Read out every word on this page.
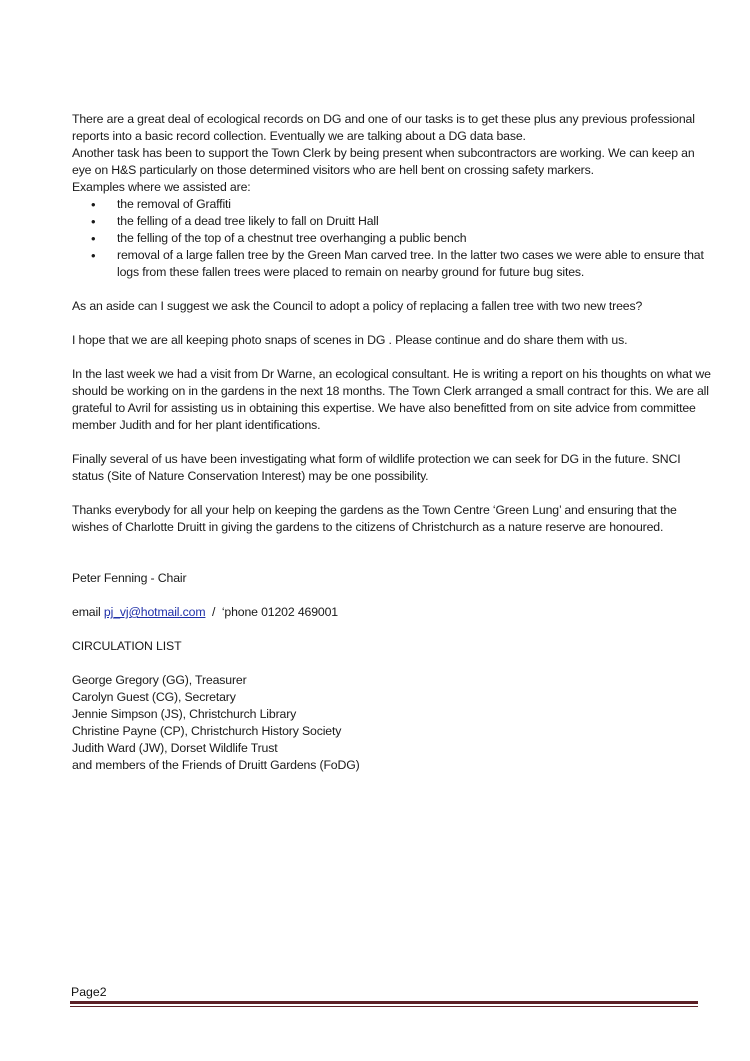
There are a great deal of ecological records on DG and one of our tasks is to get these plus any previous professional reports into a basic record collection. Eventually we are talking about a DG data base.

Another task has been to support the Town Clerk by being present when subcontractors are working. We can keep an eye on H&S particularly on those determined visitors who are hell bent on crossing safety markers.

Examples where we assisted are:

• the removal of Graffiti
• the felling of a dead tree likely to fall on Druitt Hall
• the felling of the top of a chestnut tree overhanging a public bench
• removal of a large fallen tree by the Green Man carved tree. In the latter two cases we were able to ensure that logs from these fallen trees were placed to remain on nearby ground for future bug sites.

As an aside can I suggest we ask the Council to adopt a policy of replacing a fallen tree with two new trees?

I hope that we are all keeping photo snaps of scenes in DG . Please continue and do share them with us.

In the last week we had a visit from Dr Warne, an ecological consultant. He is writing a report on his thoughts on what we should be working on in the gardens in the next 18 months. The Town Clerk arranged a small contract for this. We are all grateful to Avril for assisting us in obtaining this expertise. We have also benefitted from on site advice from committee member Judith and for her plant identifications.

Finally several of us have been investigating what form of wildlife protection we can seek for DG in the future. SNCI status (Site of Nature Conservation Interest) may be one possibility.

Thanks everybody for all your help on keeping the gardens as the Town Centre ‘Green Lung’ and ensuring that the wishes of Charlotte Druitt in giving the gardens to the citizens of Christchurch as a nature reserve are honoured.

Peter Fenning - Chair

email pj_vj@hotmail.com / ‘phone 01202 469001

CIRCULATION LIST

George Gregory (GG), Treasurer

Carolyn Guest (CG), Secretary

Jennie Simpson (JS), Christchurch Library

Christine Payne (CP), Christchurch History Society

Judith Ward (JW), Dorset Wildlife Trust

and members of the Friends of Druitt Gardens (FoDG)

Page2
